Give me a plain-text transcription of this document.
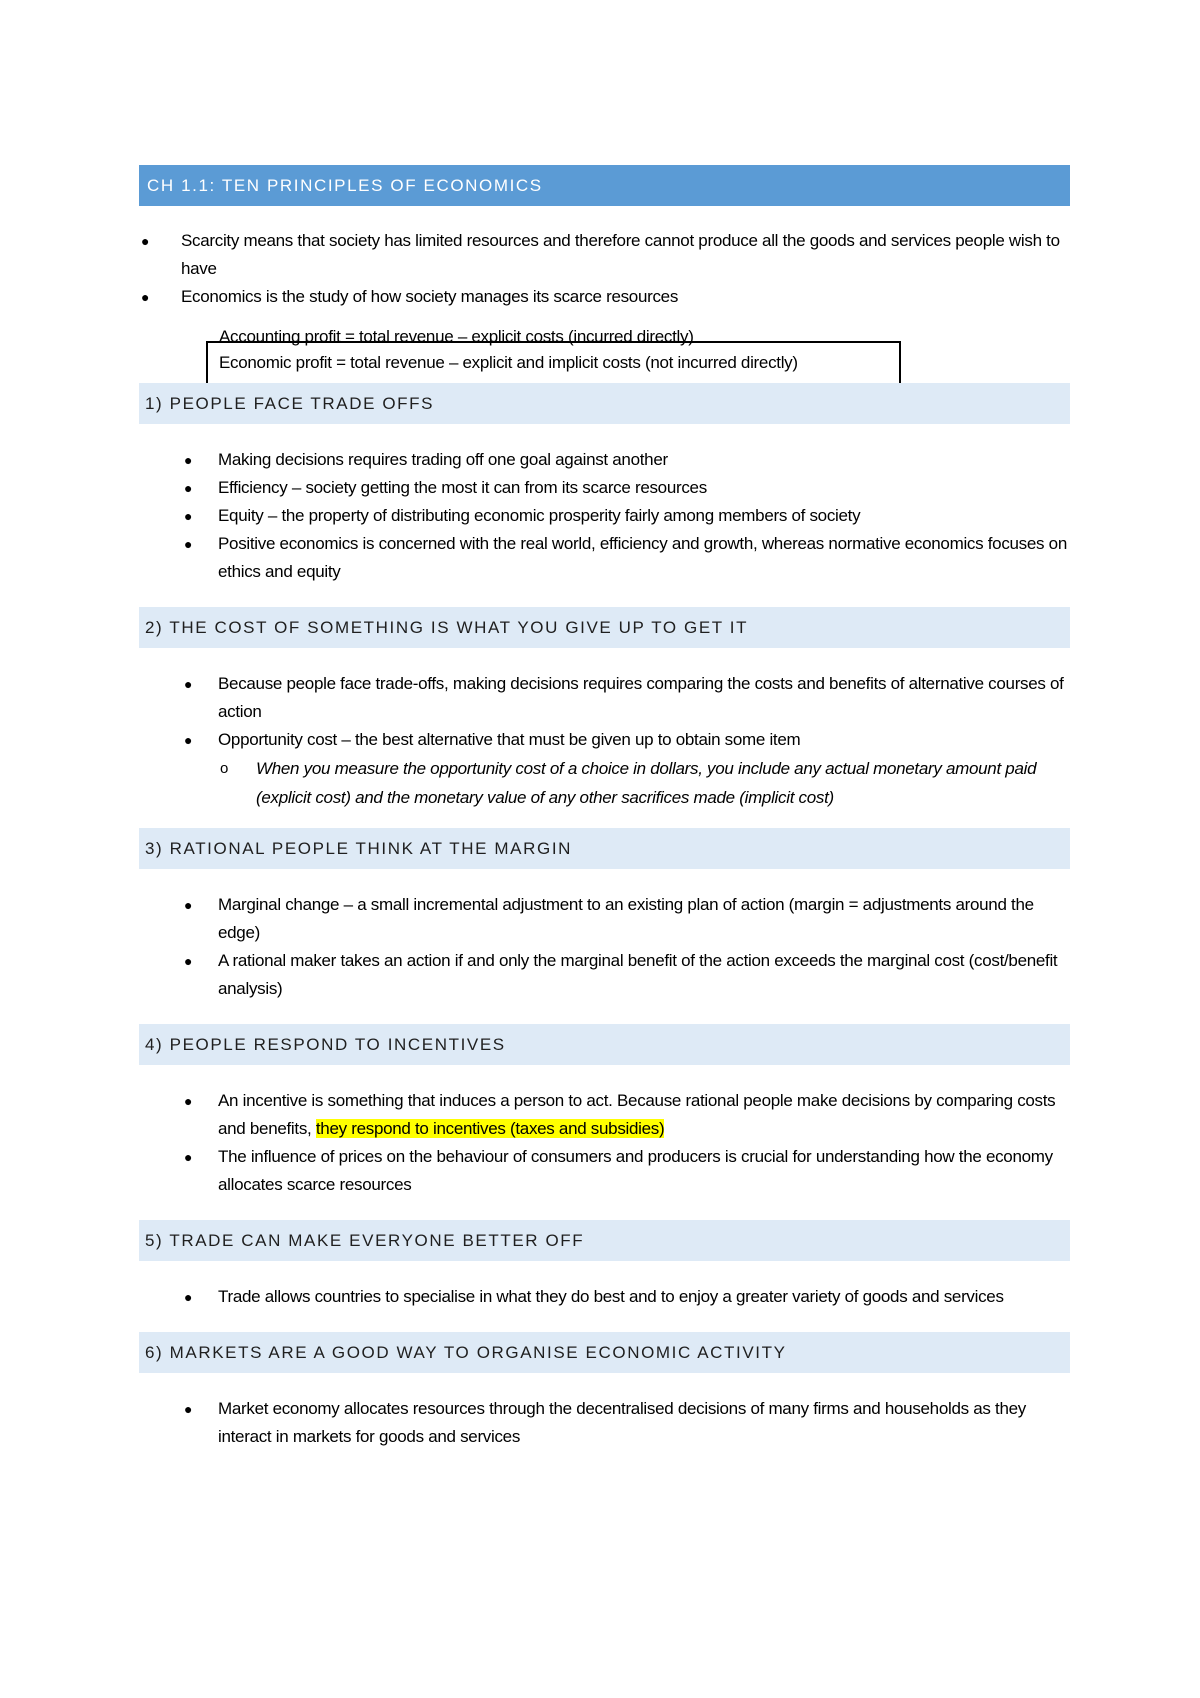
CH 1.1: TEN PRINCIPLES OF ECONOMICS
● Scarcity means that society has limited resources and therefore cannot produce all the goods and services people wish to have
● Economics is the study of how society manages its scarce resources
Accounting profit = total revenue – explicit costs (incurred directly)
Economic profit = total revenue – explicit and implicit costs (not incurred directly)
1) PEOPLE FACE TRADE OFFS
● Making decisions requires trading off one goal against another
● Efficiency – society getting the most it can from its scarce resources
● Equity – the property of distributing economic prosperity fairly among members of society
● Positive economics is concerned with the real world, efficiency and growth, whereas normative economics focuses on ethics and equity
2) THE COST OF SOMETHING IS WHAT YOU GIVE UP TO GET IT
● Because people face trade-offs, making decisions requires comparing the costs and benefits of alternative courses of action
● Opportunity cost – the best alternative that must be given up to obtain some item
o When you measure the opportunity cost of a choice in dollars, you include any actual monetary amount paid (explicit cost) and the monetary value of any other sacrifices made (implicit cost)
3) RATIONAL PEOPLE THINK AT THE MARGIN
● Marginal change – a small incremental adjustment to an existing plan of action (margin = adjustments around the edge)
● A rational maker takes an action if and only the marginal benefit of the action exceeds the marginal cost (cost/benefit analysis)
4) PEOPLE RESPOND TO INCENTIVES
● An incentive is something that induces a person to act. Because rational people make decisions by comparing costs and benefits, they respond to incentives (taxes and subsidies)
● The influence of prices on the behaviour of consumers and producers is crucial for understanding how the economy allocates scarce resources
5) TRADE CAN MAKE EVERYONE BETTER OFF
● Trade allows countries to specialise in what they do best and to enjoy a greater variety of goods and services
6) MARKETS ARE A GOOD WAY TO ORGANISE ECONOMIC ACTIVITY
● Market economy allocates resources through the decentralised decisions of many firms and households as they interact in markets for goods and services
